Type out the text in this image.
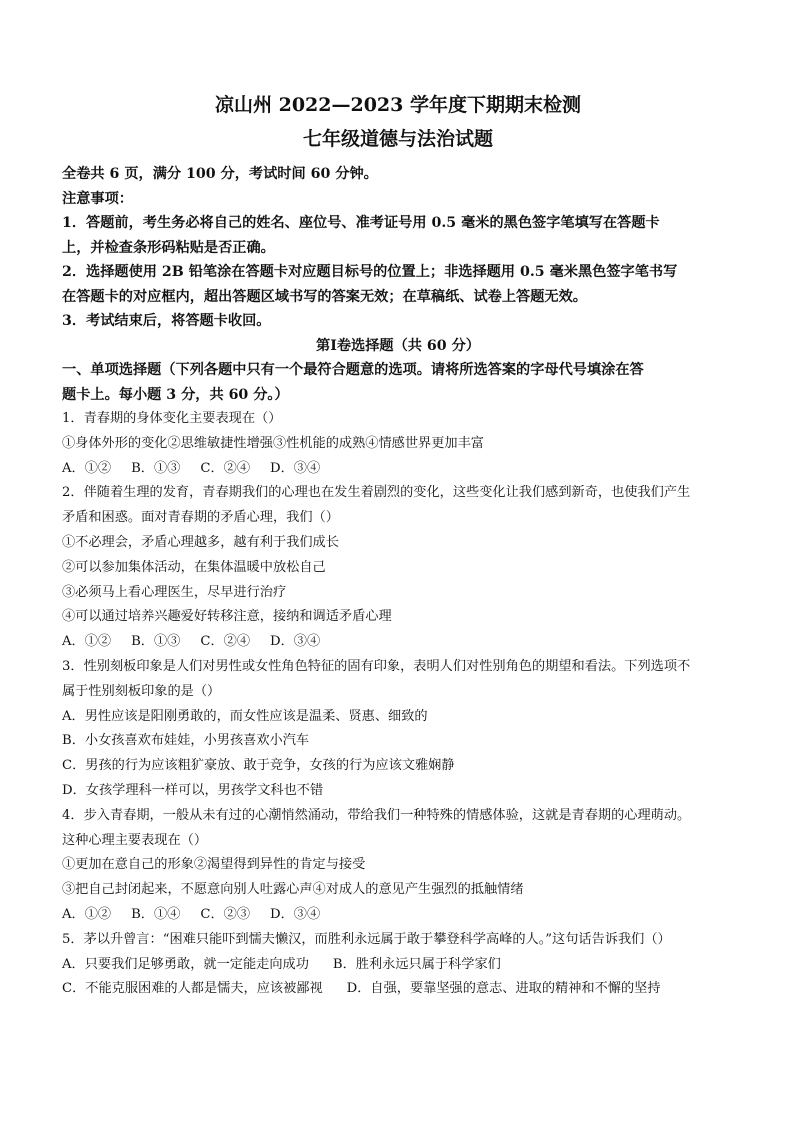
凉山州 2022—2023 学年度下期期末检测

七年级道德与法治试题

全卷共 6 页，满分 100 分，考试时间 60 分钟。

注意事项：

1．答题前，考生务必将自己的姓名、座位号、准考证号用 0.5 毫米的黑色签字笔填写在答题卡

上，并检查条形码粘贴是否正确。

2．选择题使用 2B 铅笔涂在答题卡对应题目标号的位置上；非选择题用 0.5 毫米黑色签字笔书写

在答题卡的对应框内，超出答题区域书写的答案无效；在草稿纸、试卷上答题无效。

3．考试结束后，将答题卡收回。

第Ⅰ卷选择题（共 60 分）

一、单项选择题（下列各题中只有一个最符合题意的选项。请将所选答案的字母代号填涂在答

题卡上。每小题 3 分，共 60 分。）

1．青春期的身体变化主要表现在（）

①身体外形的变化②思维敏捷性增强③性机能的成熟④情感世界更加丰富

A．①② B．①③ C．②④ D．③④

2．伴随着生理的发育，青春期我们的心理也在发生着剧烈的变化，这些变化让我们感到新奇，也使我们产生

矛盾和困惑。面对青春期的矛盾心理，我们（）

①不必理会，矛盾心理越多，越有利于我们成长

②可以参加集体活动，在集体温暖中放松自己

③必须马上看心理医生，尽早进行治疗

④可以通过培养兴趣爱好转移注意，接纳和调适矛盾心理

A．①② B．①③ C．②④ D．③④

3．性别刻板印象是人们对男性或女性角色特征的固有印象，表明人们对性别角色的期望和看法。下列选项不

属于性别刻板印象的是（）

A．男性应该是阳刚勇敢的，而女性应该是温柔、贤惠、细致的

B．小女孩喜欢布娃娃，小男孩喜欢小汽车

C．男孩的行为应该粗犷豪放、敢于竞争，女孩的行为应该文雅娴静

D．女孩学理科一样可以，男孩学文科也不错

4．步入青春期，一般从未有过的心潮悄然涌动，带给我们一种特殊的情感体验，这就是青春期的心理萌动。

这种心理主要表现在（）

①更加在意自己的形象②渴望得到异性的肯定与接受

③把自己封闭起来，不愿意向别人吐露心声④对成人的意见产生强烈的抵触情绪

A．①② B．①④ C．②③ D．③④

5．茅以升曾言：“困难只能吓到懦夫懒汉，而胜利永远属于敢于攀登科学高峰的人。”这句话告诉我们（）

A．只要我们足够勇敢，就一定能走向成功 B．胜利永远只属于科学家们
C．不能克服困难的人都是懦夫，应该被鄙视 D．自强，要靠坚强的意志、进取的精神和不懈的坚持
